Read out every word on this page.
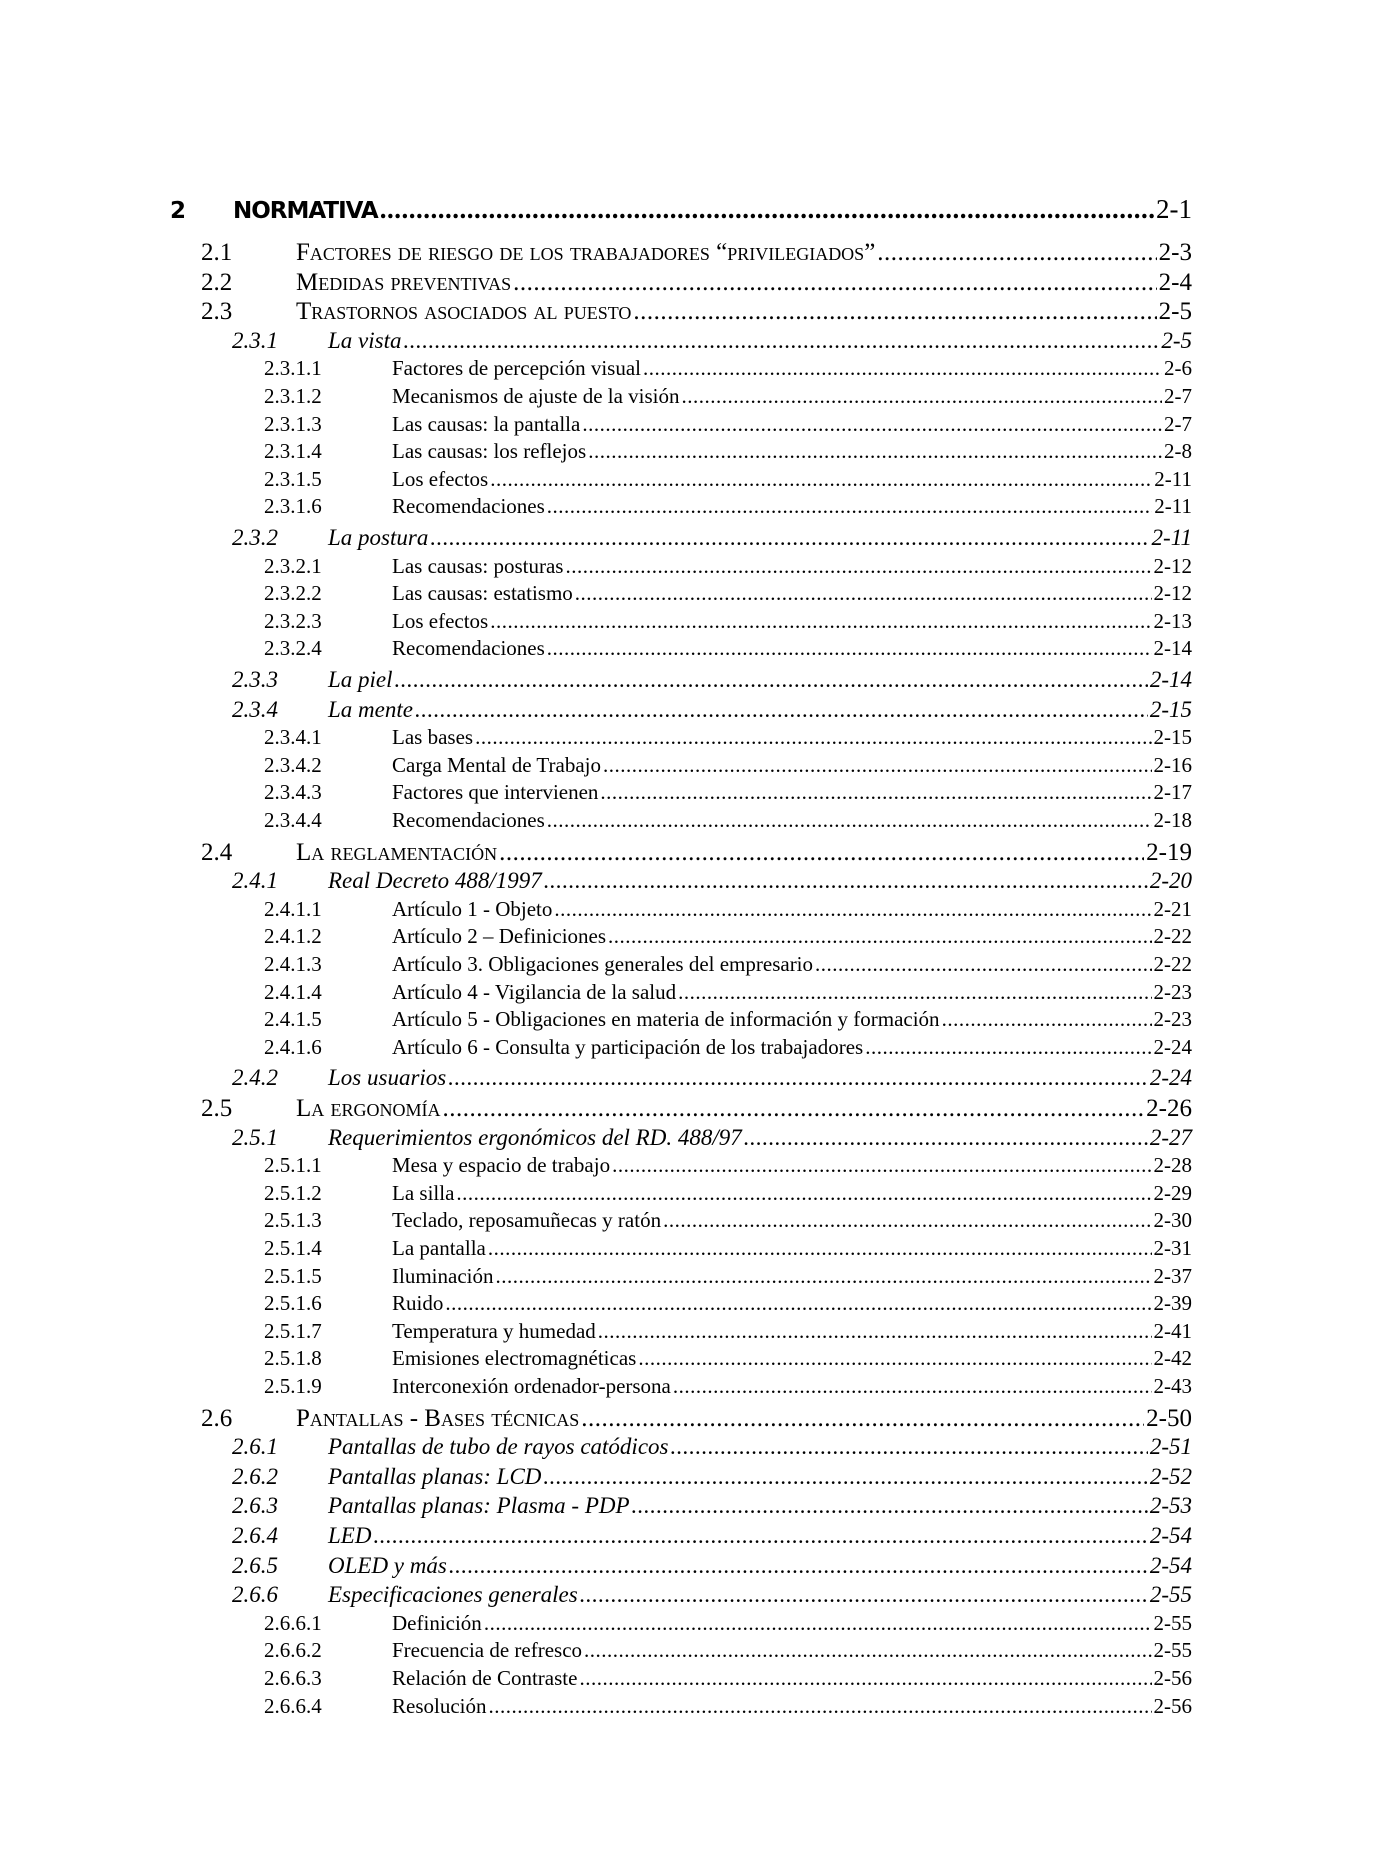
2	NORMATIVA .....	2-1
2.1	Factores de riesgo de los trabajadores “privilegiados” .....	2-3
2.2	Medidas preventivas .....	2-4
2.3	Trastornos asociados al puesto .....	2-5
2.3.1	La vista .....	2-5
2.3.1.1	Factores de percepción visual .....	2-6
2.3.1.2	Mecanismos de ajuste de la visión .....	2-7
2.3.1.3	Las causas: la pantalla .....	2-7
2.3.1.4	Las causas: los reflejos .....	2-8
2.3.1.5	Los efectos .....	2-11
2.3.1.6	Recomendaciones .....	2-11
2.3.2	La postura .....	2-11
2.3.2.1	Las causas: posturas .....	2-12
2.3.2.2	Las causas: estatismo .....	2-12
2.3.2.3	Los efectos .....	2-13
2.3.2.4	Recomendaciones .....	2-14
2.3.3	La piel .....	2-14
2.3.4	La mente .....	2-15
2.3.4.1	Las bases .....	2-15
2.3.4.2	Carga Mental de Trabajo .....	2-16
2.3.4.3	Factores que intervienen .....	2-17
2.3.4.4	Recomendaciones .....	2-18
2.4	La reglamentación .....	2-19
2.4.1	Real Decreto 488/1997 .....	2-20
2.4.1.1	Artículo 1 - Objeto .....	2-21
2.4.1.2	Artículo 2 – Definiciones .....	2-22
2.4.1.3	Artículo 3. Obligaciones generales del empresario .....	2-22
2.4.1.4	Artículo 4 - Vigilancia de la salud .....	2-23
2.4.1.5	Artículo 5 - Obligaciones en materia de información y formación .....	2-23
2.4.1.6	Artículo 6 - Consulta y participación de los trabajadores .....	2-24
2.4.2	Los usuarios .....	2-24
2.5	La ergonomía .....	2-26
2.5.1	Requerimientos ergonómicos del RD. 488/97 .....	2-27
2.5.1.1	Mesa y espacio de trabajo .....	2-28
2.5.1.2	La silla .....	2-29
2.5.1.3	Teclado, reposamuñecas y ratón .....	2-30
2.5.1.4	La pantalla .....	2-31
2.5.1.5	Iluminación .....	2-37
2.5.1.6	Ruido .....	2-39
2.5.1.7	Temperatura y humedad .....	2-41
2.5.1.8	Emisiones electromagnéticas .....	2-42
2.5.1.9	Interconexión ordenador-persona .....	2-43
2.6	Pantallas - Bases técnicas .....	2-50
2.6.1	Pantallas de tubo de rayos catódicos .....	2-51
2.6.2	Pantallas planas: LCD .....	2-52
2.6.3	Pantallas planas: Plasma - PDP .....	2-53
2.6.4	LED .....	2-54
2.6.5	OLED y más .....	2-54
2.6.6	Especificaciones generales .....	2-55
2.6.6.1	Definición .....	2-55
2.6.6.2	Frecuencia de refresco .....	2-55
2.6.6.3	Relación de Contraste .....	2-56
2.6.6.4	Resolución .....	2-56
